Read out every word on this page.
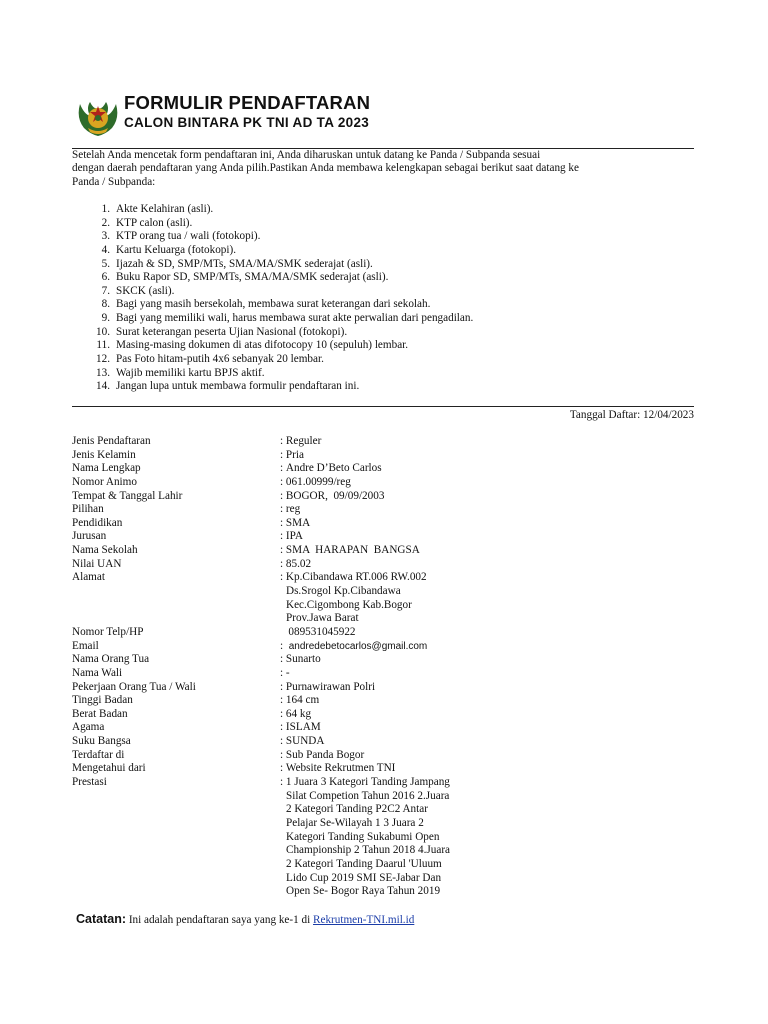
FORMULIR PENDAFTARAN
CALON BINTARA PK TNI AD TA 2023
Setelah Anda mencetak form pendaftaran ini, Anda diharuskan untuk datang ke Panda / Subpanda sesuai
dengan daerah pendaftaran yang Anda pilih.Pastikan Anda membawa kelengkapan sebagai berikut saat datang ke
Panda / Subpanda:
1. Akte Kelahiran (asli).
2. KTP calon (asli).
3. KTP orang tua / wali (fotokopi).
4. Kartu Keluarga (fotokopi).
5. Ijazah & SD, SMP/MTs, SMA/MA/SMK sederajat (asli).
6. Buku Rapor SD, SMP/MTs, SMA/MA/SMK sederajat (asli).
7. SKCK (asli).
8. Bagi yang masih bersekolah, membawa surat keterangan dari sekolah.
9. Bagi yang memiliki wali, harus membawa surat akte perwalian dari pengadilan.
10. Surat keterangan peserta Ujian Nasional (fotokopi).
11. Masing-masing dokumen di atas difotocopy 10 (sepuluh) lembar.
12. Pas Foto hitam-putih 4x6 sebanyak 20 lembar.
13. Wajib memiliki kartu BPJS aktif.
14. Jangan lupa untuk membawa formulir pendaftaran ini.
Tanggal Daftar: 12/04/2023
Jenis Pendaftaran	: Reguler
Jenis Kelamin	: Pria
Nama Lengkap	: Andre D’Beto Carlos
Nomor Animo	: 061.00999/reg
Tempat & Tanggal Lahir	: BOGOR,  09/09/2003
Pilihan	: reg
Pendidikan	: SMA
Jurusan	: IPA
Nama Sekolah	: SMA  HARAPAN  BANGSA
Nilai UAN	: 85.02
Alamat	: Kp.Cibandawa RT.006 RW.002
Ds.Srogol Kp.Cibandawa
Kec.Cigombong Kab.Bogor
Prov.Jawa Barat
Nomor Telp/HP	089531045922
Email	: andredebetocarlos@gmail.com
Nama Orang Tua	: Sunarto
Nama Wali	: -
Pekerjaan Orang Tua / Wali	: Purnawirawan Polri
Tinggi Badan	: 164 cm
Berat Badan	: 64 kg
Agama	: ISLAM
Suku Bangsa	: SUNDA
Terdaftar di	: Sub Panda Bogor
Mengetahui dari	: Website Rekrutmen TNI
Prestasi	: 1 Juara 3 Kategori Tanding Jampang
Silat Competion Tahun 2016 2.Juara
2 Kategori Tanding P2C2 Antar
Pelajar Se-Wilayah 1 3 Juara 2
Kategori Tanding Sukabumi Open
Championship 2 Tahun 2018 4.Juara
2 Kategori Tanding Daarul 'Uluum
Lido Cup 2019 SMI SE-Jabar Dan
Open Se- Bogor Raya Tahun 2019
Catatan: Ini adalah pendaftaran saya yang ke-1 di Rekrutmen-TNI.mil.id
